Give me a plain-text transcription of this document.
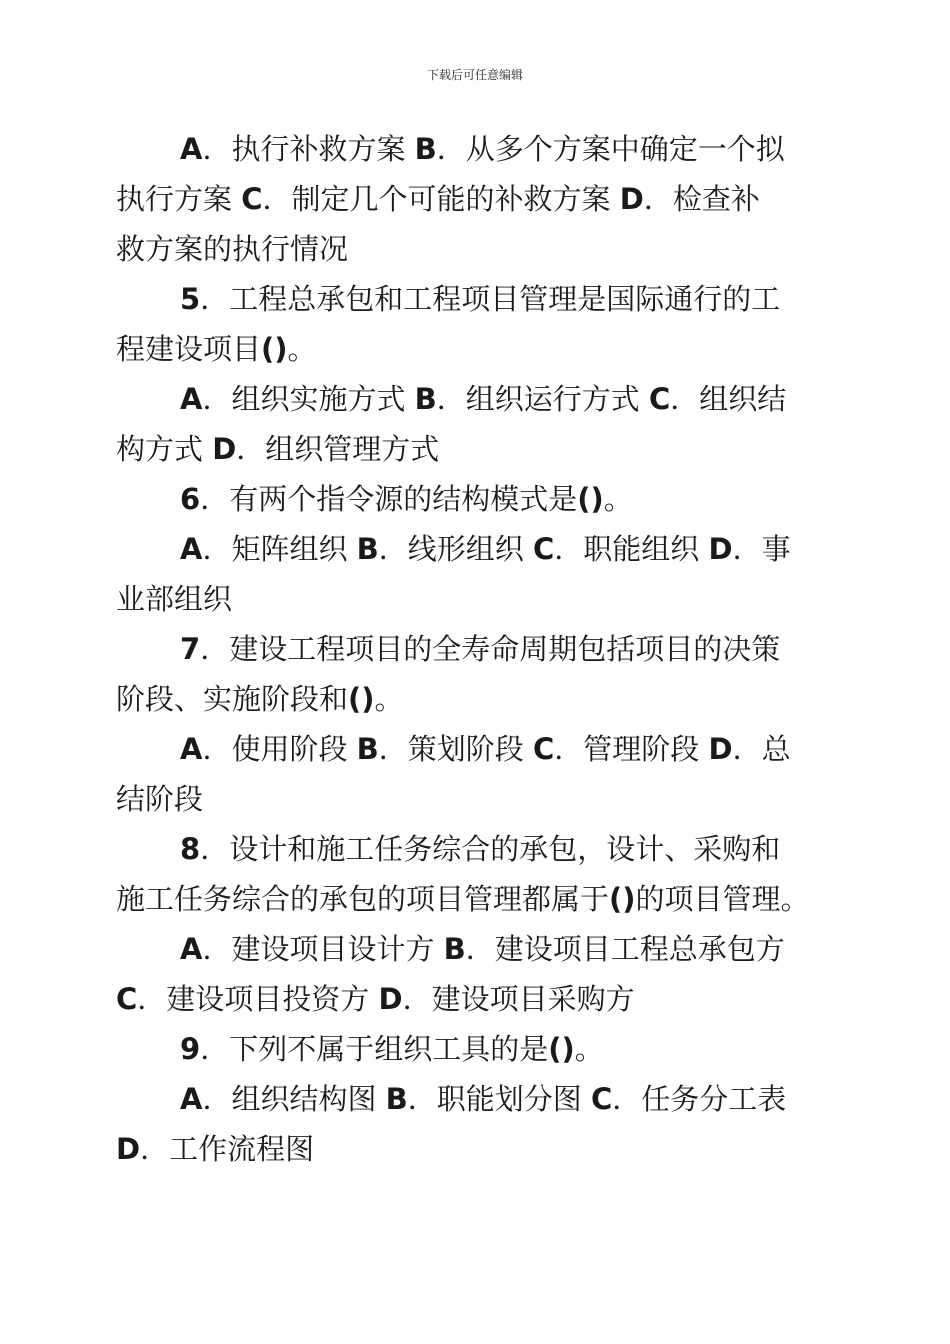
下载后可任意编辑

A．执行补救方案 B．从多个方案中确定一个拟
执行方案 C．制定几个可能的补救方案 D．检查补
救方案的执行情况

5．工程总承包和工程项目管理是国际通行的工
程建设项目()。

A．组织实施方式 B．组织运行方式 C．组织结
构方式 D．组织管理方式

6．有两个指令源的结构模式是()。

A．矩阵组织 B．线形组织 C．职能组织 D．事
业部组织

7．建设工程项目的全寿命周期包括项目的决策
阶段、实施阶段和()。

A．使用阶段 B．策划阶段 C．管理阶段 D．总
结阶段

8．设计和施工任务综合的承包，设计、采购和
施工任务综合的承包的项目管理都属于()的项目管理。

A．建设项目设计方 B．建设项目工程总承包方
C．建设项目投资方 D．建设项目采购方

9．下列不属于组织工具的是()。

A．组织结构图 B．职能划分图 C．任务分工表
D．工作流程图
